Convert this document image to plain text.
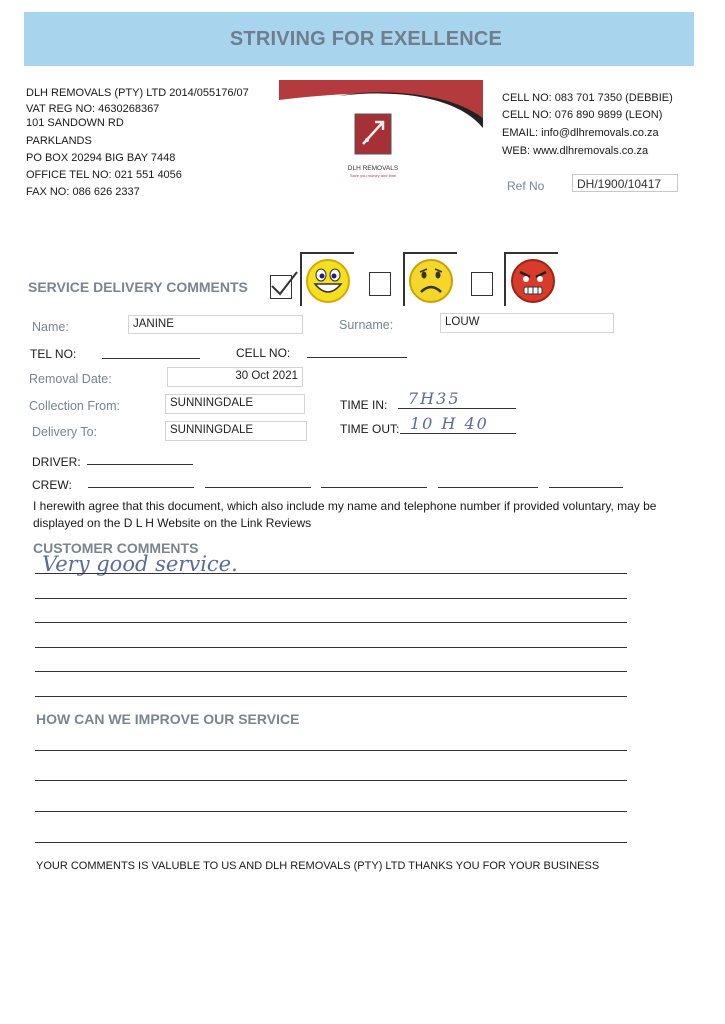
STRIVING FOR EXELLENCE
DLH REMOVALS (PTY) LTD 2014/055176/07
VAT REG NO: 4630268367
101 SANDOWN RD
PARKLANDS
PO BOX 20294 BIG BAY 7448
OFFICE TEL NO: 021 551 4056
FAX NO: 086 626 2337
DLH REMOVALS
Save you money and time
CELL NO: 083 701 7350 (DEBBIE)
CELL NO: 076 890 9899 (LEON)
EMAIL: info@dlhremovals.co.za
WEB: www.dlhremovals.co.za
Ref No	DH/1900/10417
SERVICE DELIVERY COMMENTS
Name:	JANINE	Surname:	LOUW
TEL NO:	CELL NO:
Removal Date:	30 Oct 2021
Collection From:	SUNNINGDALE	TIME IN: 7H35
Delivery To:	SUNNINGDALE	TIME OUT: 10 H 40
DRIVER:
CREW:
I herewith agree that this document, which also include my name and telephone number if provided voluntary, may be displayed on the D L H Website on the Link Reviews
CUSTOMER COMMENTS
Very good service.
HOW CAN WE IMPROVE OUR SERVICE
YOUR COMMENTS IS VALUBLE TO US AND DLH REMOVALS (PTY) LTD THANKS YOU FOR YOUR BUSINESS
